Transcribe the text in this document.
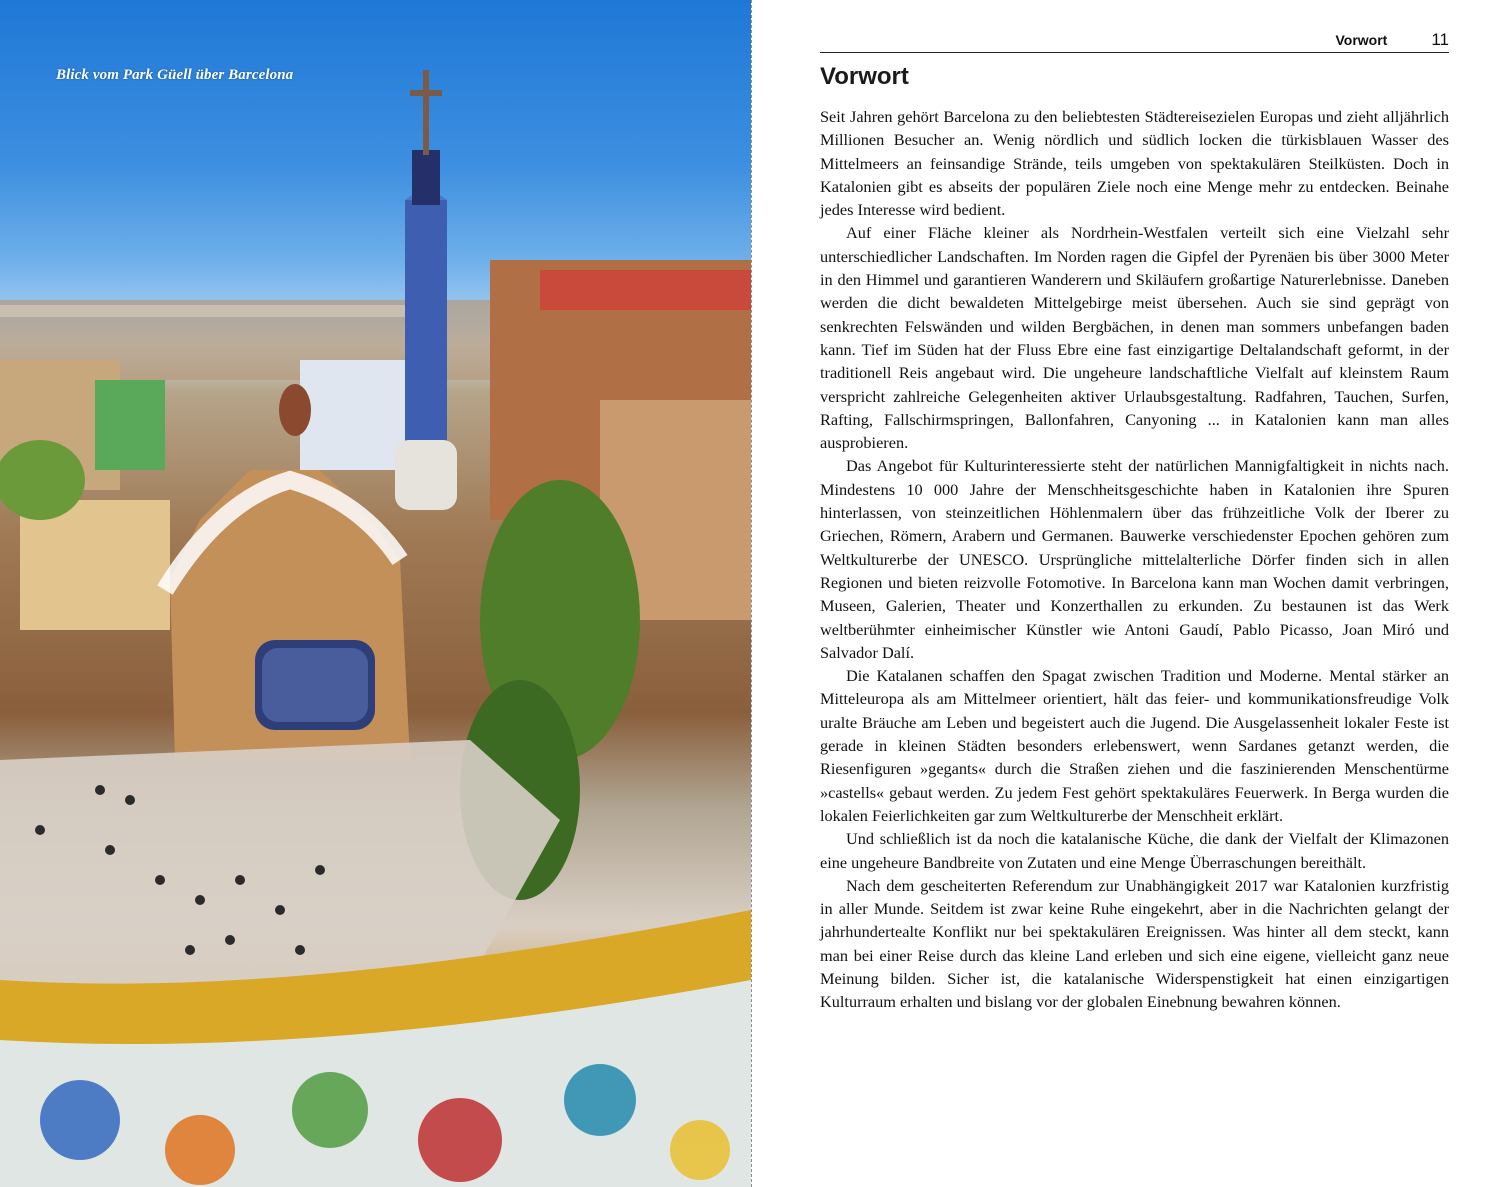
Blick vom Park Güell über Barcelona
Vorwort	11
Vorwort

Seit Jahren gehört Barcelona zu den beliebtesten Städtereisezielen Europas und zieht alljährlich Millionen Besucher an. Wenig nördlich und südlich locken die türkisblauen Wasser des Mittelmeers an feinsandige Strände, teils umgeben von spektakulären Steilküsten. Doch in Katalonien gibt es abseits der populären Ziele noch eine Menge mehr zu entdecken. Beinahe jedes Interesse wird bedient.

Auf einer Fläche kleiner als Nordrhein-Westfalen verteilt sich eine Vielzahl sehr unterschiedlicher Landschaften. Im Norden ragen die Gipfel der Pyrenäen bis über 3000 Meter in den Himmel und garantieren Wanderern und Skiläufern großartige Naturerlebnisse. Daneben werden die dicht bewaldeten Mittelgebirge meist übersehen. Auch sie sind geprägt von senkrechten Felswänden und wilden Bergbächen, in denen man sommers unbefangen baden kann. Tief im Süden hat der Fluss Ebre eine fast einzigartige Deltalandschaft geformt, in der traditionell Reis angebaut wird. Die ungeheure landschaftliche Vielfalt auf kleinstem Raum verspricht zahlreiche Gelegenheiten aktiver Urlaubsgestaltung. Radfahren, Tauchen, Surfen, Rafting, Fallschirmspringen, Ballonfahren, Canyoning ... in Katalonien kann man alles ausprobieren.

Das Angebot für Kulturinteressierte steht der natürlichen Mannigfaltigkeit in nichts nach. Mindestens 10 000 Jahre der Menschheitsgeschichte haben in Katalonien ihre Spuren hinterlassen, von steinzeitlichen Höhlenmalern über das frühzeitliche Volk der Iberer zu Griechen, Römern, Arabern und Germanen. Bauwerke verschiedenster Epochen gehören zum Weltkulturerbe der UNESCO. Ursprüngliche mittelalterliche Dörfer finden sich in allen Regionen und bieten reizvolle Fotomotive. In Barcelona kann man Wochen damit verbringen, Museen, Galerien, Theater und Konzerthallen zu erkunden. Zu bestaunen ist das Werk weltberühmter einheimischer Künstler wie Antoni Gaudí, Pablo Picasso, Joan Miró und Salvador Dalí.

Die Katalanen schaffen den Spagat zwischen Tradition und Moderne. Mental stärker an Mitteleuropa als am Mittelmeer orientiert, hält das feier- und kommunikationsfreudige Volk uralte Bräuche am Leben und begeistert auch die Jugend. Die Ausgelassenheit lokaler Feste ist gerade in kleinen Städten besonders erlebenswert, wenn Sardanes getanzt werden, die Riesenfiguren »gegants« durch die Straßen ziehen und die faszinierenden Menschentürme »castells« gebaut werden. Zu jedem Fest gehört spektakuläres Feuerwerk. In Berga wurden die lokalen Feierlichkeiten gar zum Weltkulturerbe der Menschheit erklärt.

Und schließlich ist da noch die katalanische Küche, die dank der Vielfalt der Klimazonen eine ungeheure Bandbreite von Zutaten und eine Menge Überraschungen bereithält.

Nach dem gescheiterten Referendum zur Unabhängigkeit 2017 war Katalonien kurzfristig in aller Munde. Seitdem ist zwar keine Ruhe eingekehrt, aber in die Nachrichten gelangt der jahrhundertealte Konflikt nur bei spektakulären Ereignissen. Was hinter all dem steckt, kann man bei einer Reise durch das kleine Land erleben und sich eine eigene, vielleicht ganz neue Meinung bilden. Sicher ist, die katalanische Widerspenstigkeit hat einen einzigartigen Kulturraum erhalten und bislang vor der globalen Einebnung bewahren können.
